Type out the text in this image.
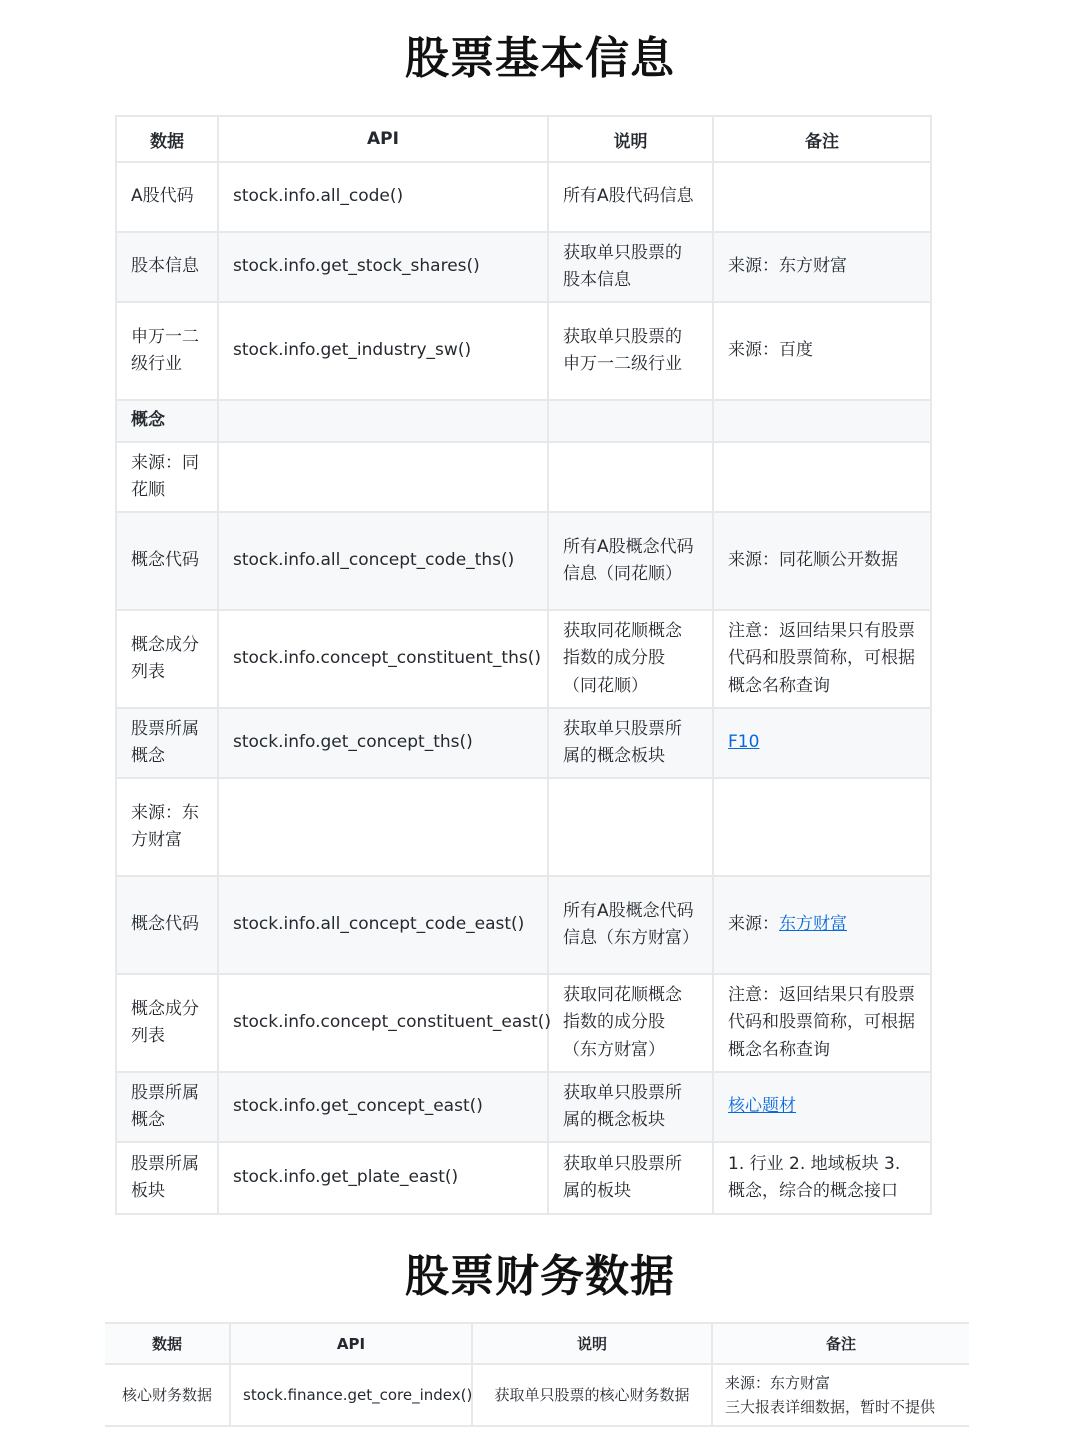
股票基本信息
数据	API	说明	备注
A股代码	stock.info.all_code()	所有A股代码信息	
股本信息	stock.info.get_stock_shares()	获取单只股票的股本信息	来源：东方财富
申万一二级行业	stock.info.get_industry_sw()	获取单只股票的申万一二级行业	来源：百度
概念			
来源：同花顺			
概念代码	stock.info.all_concept_code_ths()	所有A股概念代码信息（同花顺）	来源：同花顺公开数据
概念成分列表	stock.info.concept_constituent_ths()	获取同花顺概念指数的成分股（同花顺）	注意：返回结果只有股票代码和股票简称，可根据概念名称查询
股票所属概念	stock.info.get_concept_ths()	获取单只股票所属的概念板块	F10
来源：东方财富			
概念代码	stock.info.all_concept_code_east()	所有A股概念代码信息（东方财富）	来源：东方财富
概念成分列表	stock.info.concept_constituent_east()	获取同花顺概念指数的成分股（东方财富）	注意：返回结果只有股票代码和股票简称，可根据概念名称查询
股票所属概念	stock.info.get_concept_east()	获取单只股票所属的概念板块	核心题材
股票所属板块	stock.info.get_plate_east()	获取单只股票所属的板块	1. 行业 2. 地域板块 3. 概念，综合的概念接口
股票财务数据
数据	API	说明	备注
核心财务数据	stock.finance.get_core_index()	获取单只股票的核心财务数据	来源：东方财富
三大报表详细数据，暂时不提供
